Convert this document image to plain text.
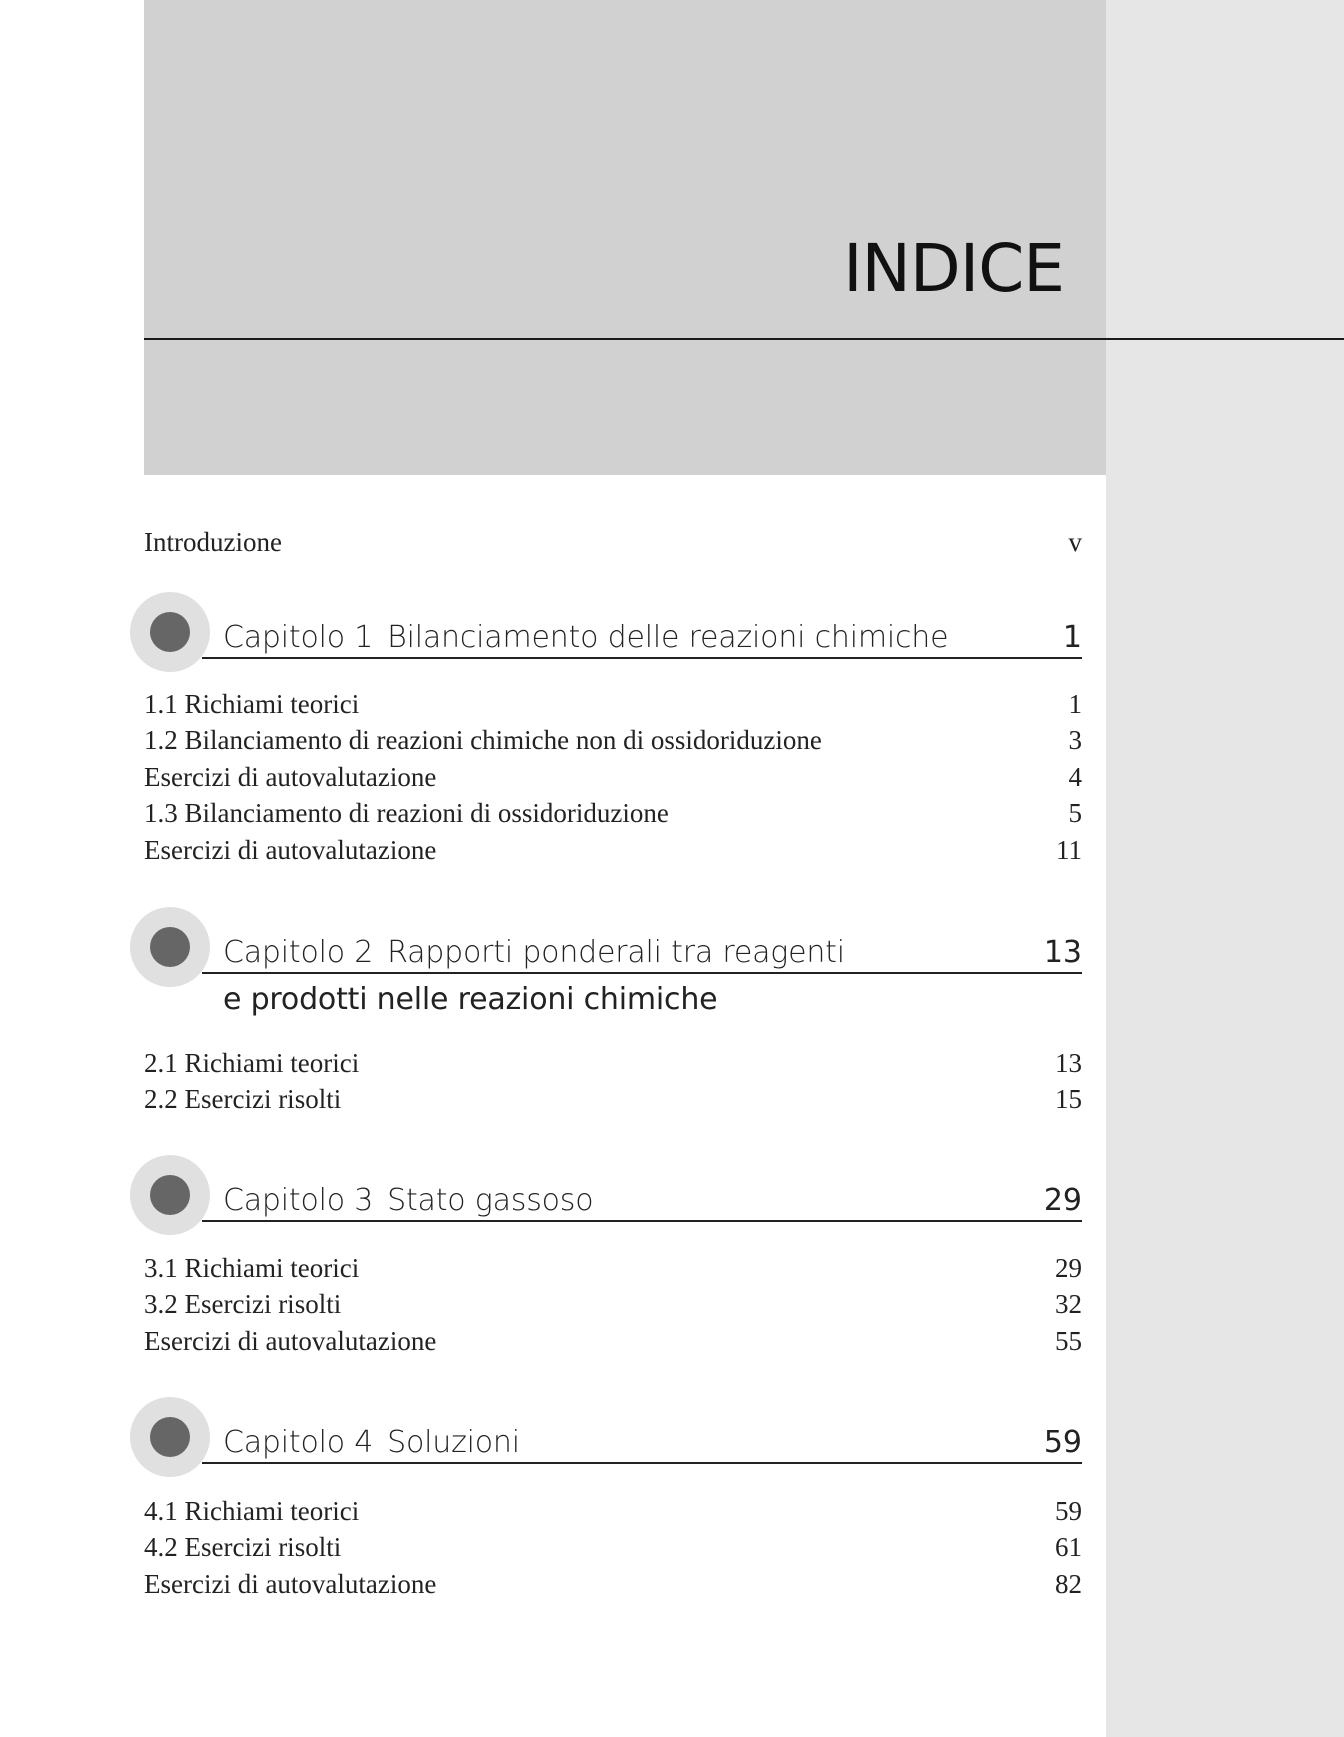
INDICE
Introduzione	v
Capitolo 1 Bilanciamento delle reazioni chimiche	1
1.1 Richiami teorici	1
1.2 Bilanciamento di reazioni chimiche non di ossidoriduzione	3
Esercizi di autovalutazione	4
1.3 Bilanciamento di reazioni di ossidoriduzione	5
Esercizi di autovalutazione	11
Capitolo 2 Rapporti ponderali tra reagenti	13
e prodotti nelle reazioni chimiche
2.1 Richiami teorici	13
2.2 Esercizi risolti	15
Capitolo 3 Stato gassoso	29
3.1 Richiami teorici	29
3.2 Esercizi risolti	32
Esercizi di autovalutazione	55
Capitolo 4 Soluzioni	59
4.1 Richiami teorici	59
4.2 Esercizi risolti	61
Esercizi di autovalutazione	82
